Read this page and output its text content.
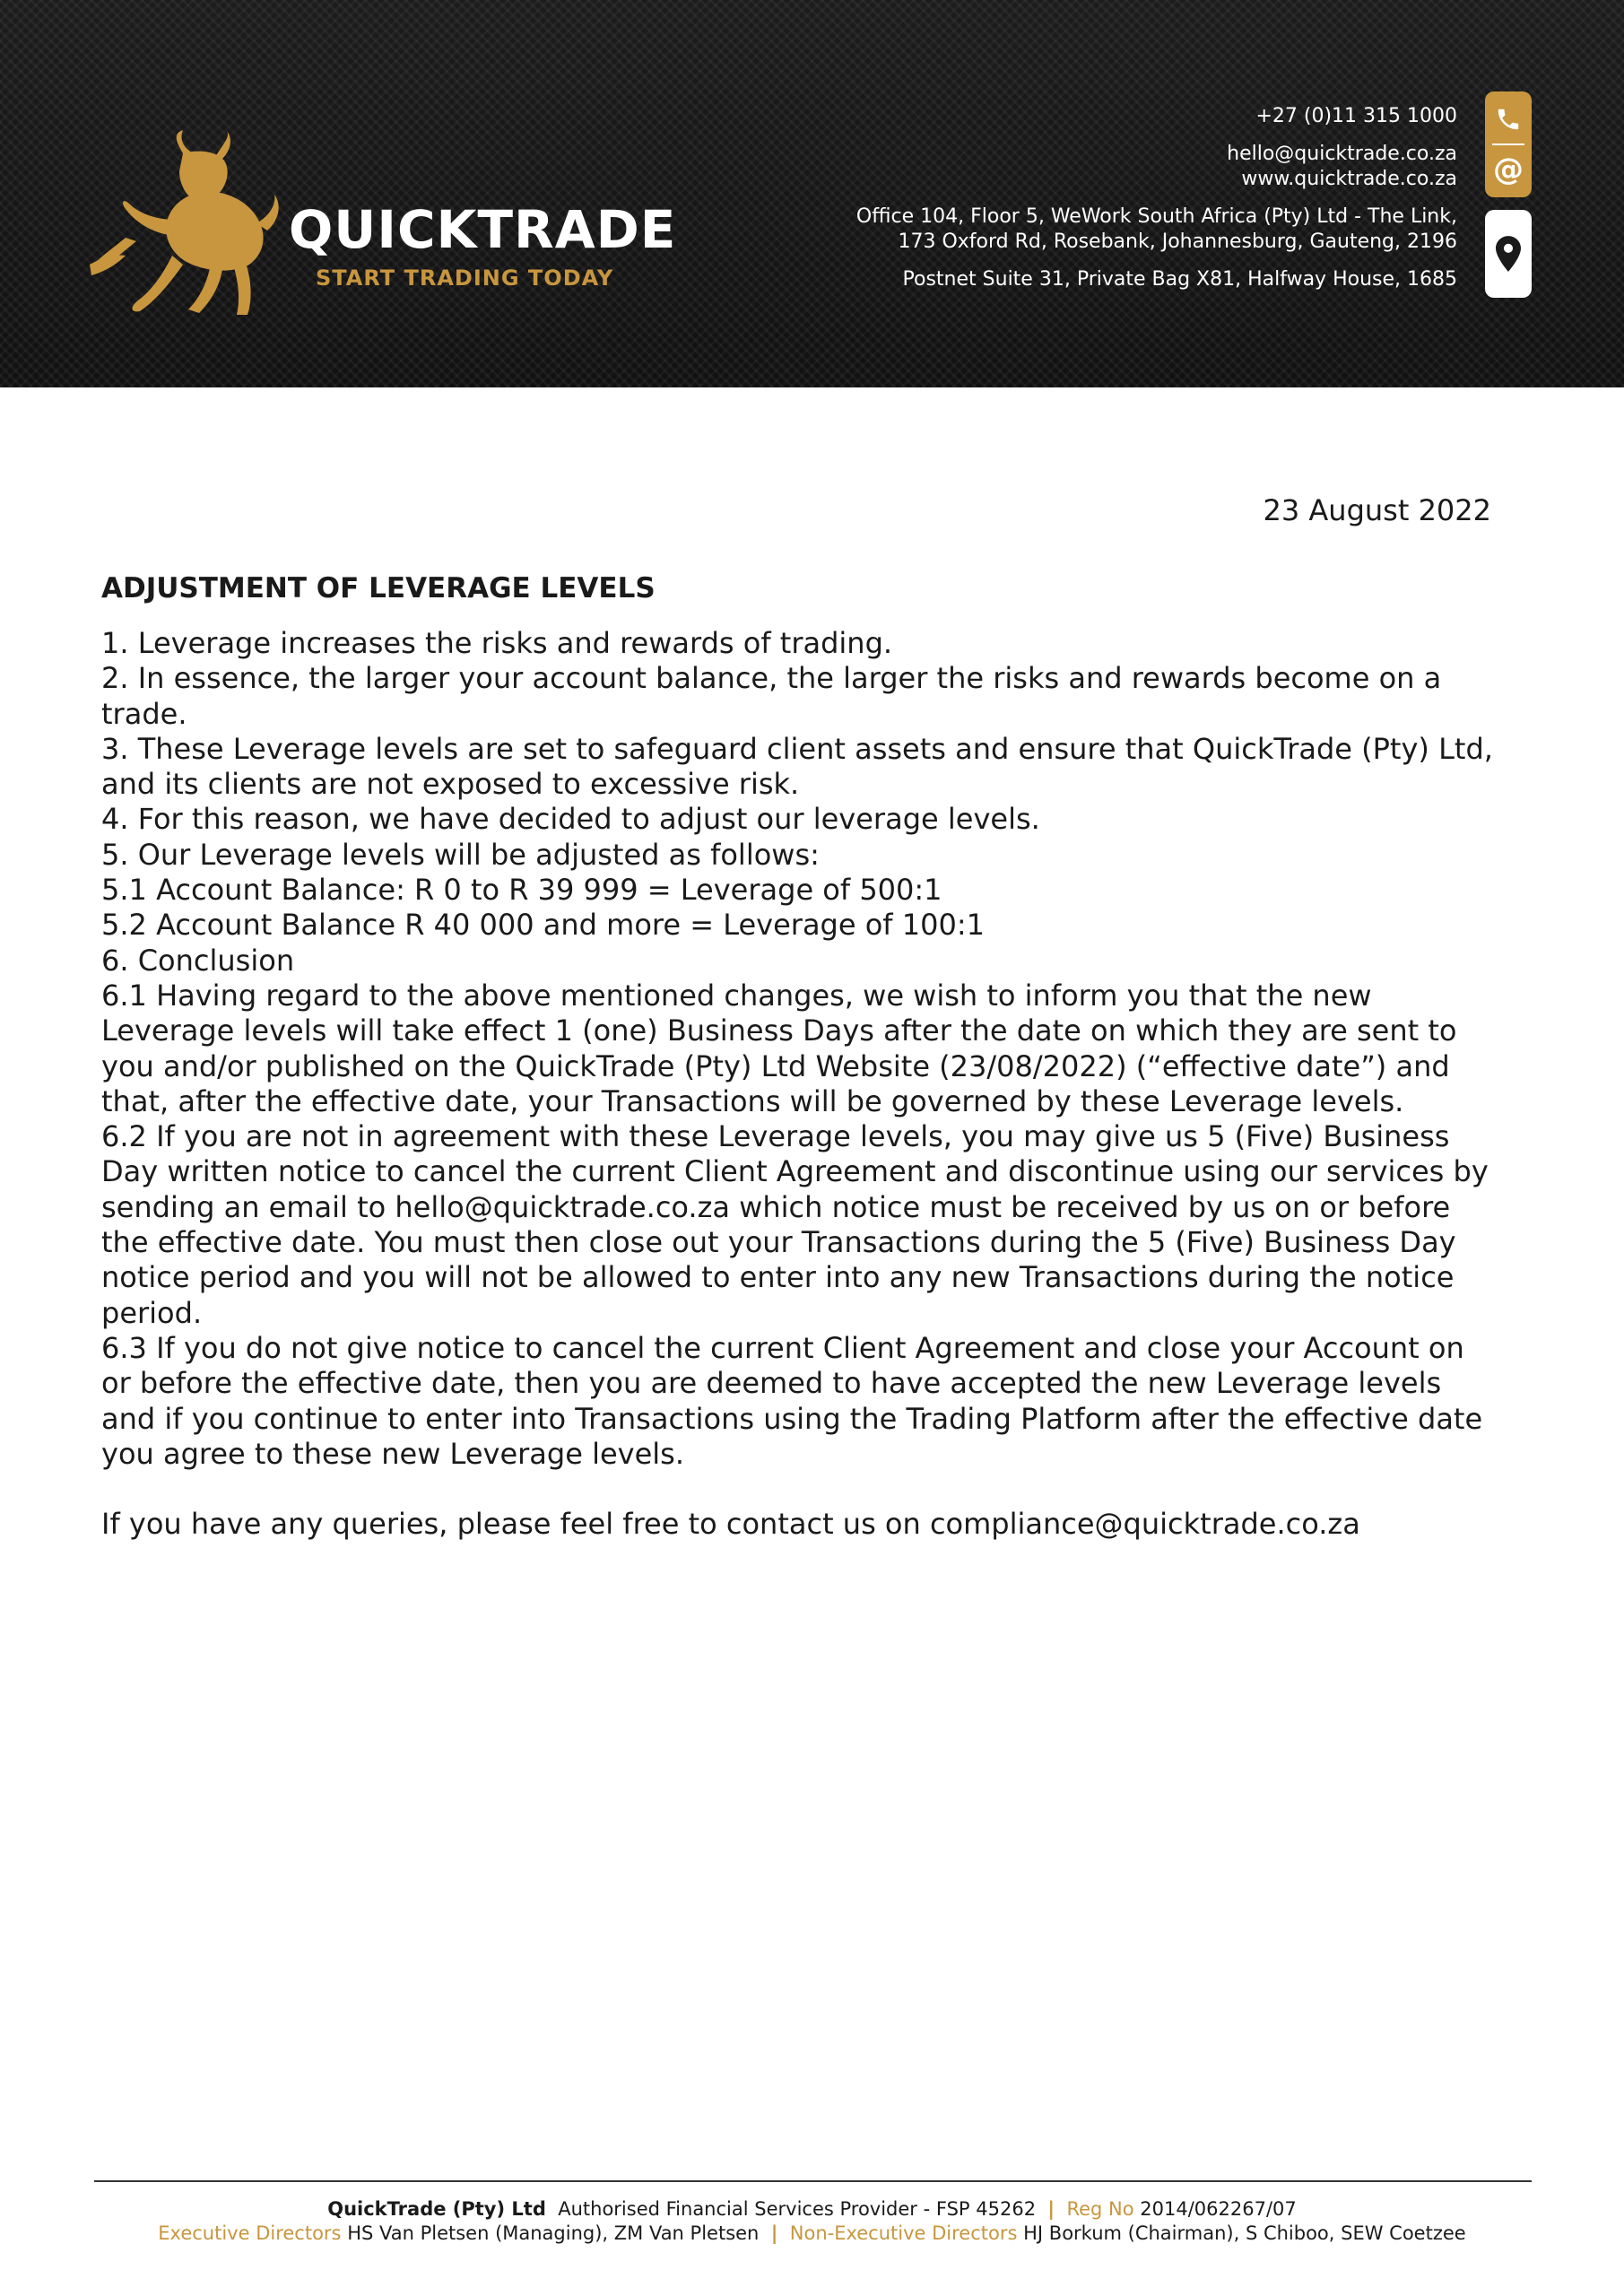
QUICKTRADE
START TRADING TODAY
+27 (0)11 315 1000
hello@quicktrade.co.za
www.quicktrade.co.za
Office 104, Floor 5, WeWork South Africa (Pty) Ltd - The Link,
173 Oxford Rd, Rosebank, Johannesburg, Gauteng, 2196
Postnet Suite 31, Private Bag X81, Halfway House, 1685
@
23 August 2022
ADJUSTMENT OF LEVERAGE LEVELS

1. Leverage increases the risks and rewards of trading.

2. In essence, the larger your account balance, the larger the risks and rewards become on a trade.

3. These Leverage levels are set to safeguard client assets and ensure that QuickTrade (Pty) Ltd, and its clients are not exposed to excessive risk.

4. For this reason, we have decided to adjust our leverage levels.

5. Our Leverage levels will be adjusted as follows:

5.1 Account Balance: R 0 to R 39 999 = Leverage of 500:1

5.2 Account Balance R 40 000 and more = Leverage of 100:1

6. Conclusion

6.1 Having regard to the above mentioned changes, we wish to inform you that the new Leverage levels will take effect 1 (one) Business Days after the date on which they are sent to you and/or published on the QuickTrade (Pty) Ltd Website (23/08/2022) (“effective date”) and that, after the effective date, your Transactions will be governed by these Leverage levels.

6.2 If you are not in agreement with these Leverage levels, you may give us 5 (Five) Business Day written notice to cancel the current Client Agreement and discontinue using our services by sending an email to hello@quicktrade.co.za which notice must be received by us on or before the effective date. You must then close out your Transactions during the 5 (Five) Business Day notice period and you will not be allowed to enter into any new Transactions during the notice period.

6.3 If you do not give notice to cancel the current Client Agreement and close your Account on or before the effective date, then you are deemed to have accepted the new Leverage levels and if you continue to enter into Transactions using the Trading Platform after the effective date you agree to these new Leverage levels.

If you have any queries, please feel free to contact us on compliance@quicktrade.co.za
QuickTrade (Pty) Ltd Authorised Financial Services Provider - FSP 45262 | Reg No 2014/062267/07
Executive Directors HS Van Pletsen (Managing), ZM Van Pletsen | Non-Executive Directors HJ Borkum (Chairman), S Chiboo, SEW Coetzee
